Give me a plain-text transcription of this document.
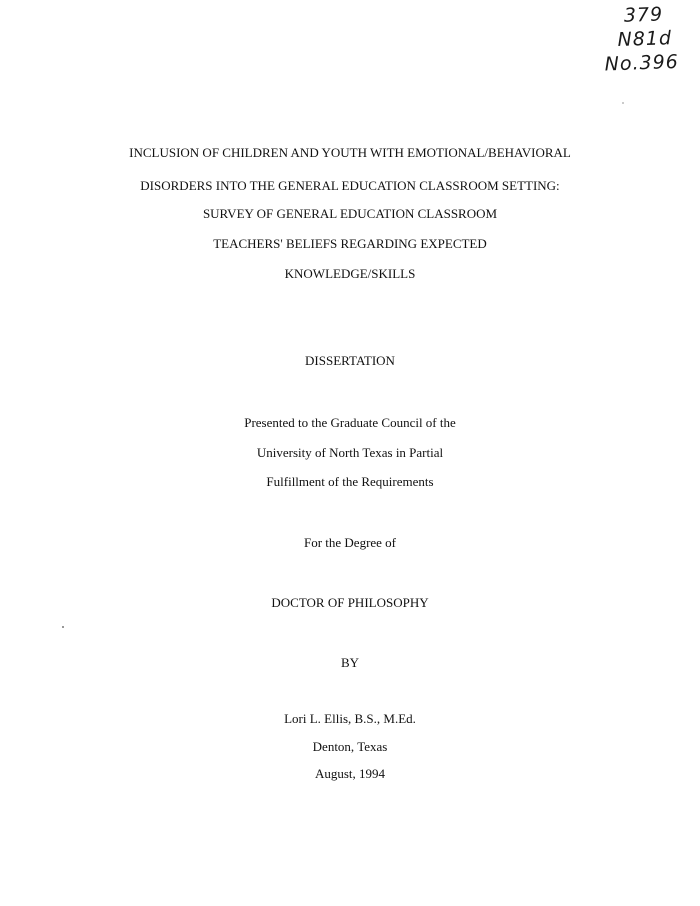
379
N81d
No.396
INCLUSION OF CHILDREN AND YOUTH WITH EMOTIONAL/BEHAVIORAL
DISORDERS INTO THE GENERAL EDUCATION CLASSROOM SETTING:
SURVEY OF GENERAL EDUCATION CLASSROOM
TEACHERS' BELIEFS REGARDING EXPECTED
KNOWLEDGE/SKILLS
DISSERTATION
Presented to the Graduate Council of the
University of North Texas in Partial
Fulfillment of the Requirements
For the Degree of
DOCTOR OF PHILOSOPHY
BY
Lori L. Ellis, B.S., M.Ed.
Denton, Texas
August, 1994
